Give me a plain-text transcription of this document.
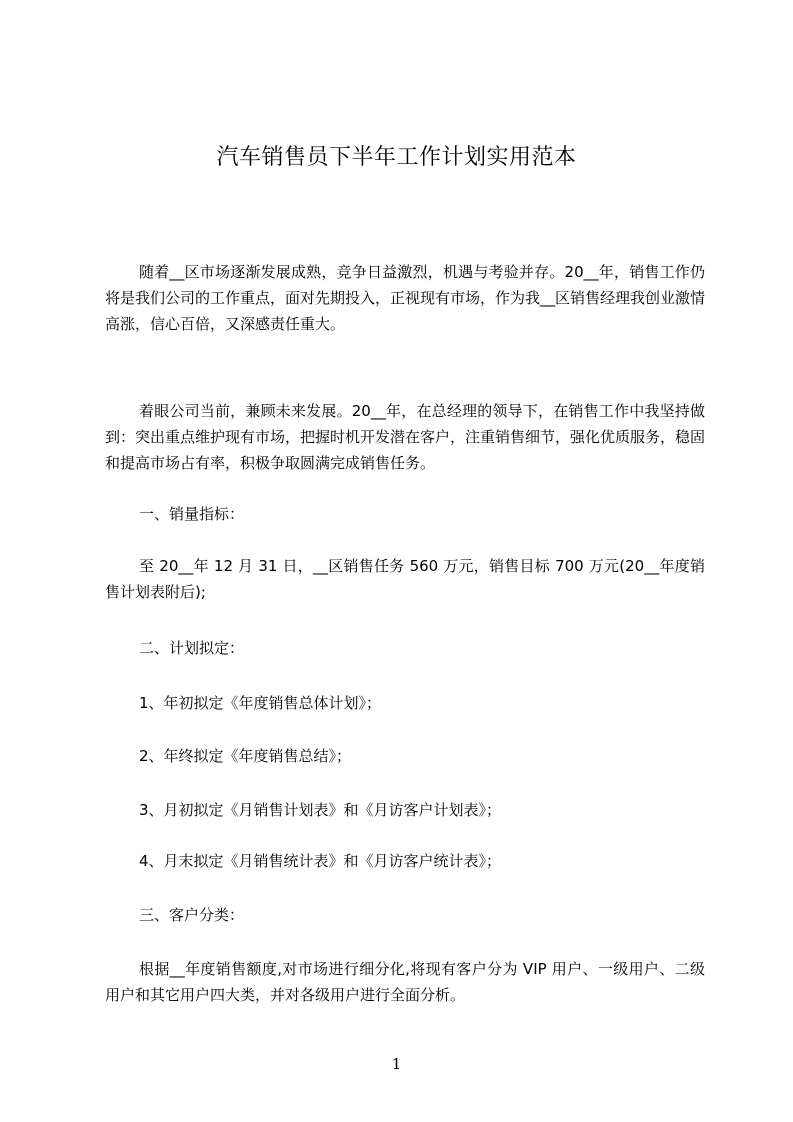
汽车销售员下半年工作计划实用范本
随着__区市场逐渐发展成熟，竞争日益激烈，机遇与考验并存。20__年，销售工作仍将是我们公司的工作重点，面对先期投入，正视现有市场，作为我__区销售经理我创业激情高涨，信心百倍，又深感责任重大。
着眼公司当前，兼顾未来发展。20__年，在总经理的领导下，在销售工作中我坚持做到：突出重点维护现有市场，把握时机开发潜在客户，注重销售细节，强化优质服务，稳固和提高市场占有率，积极争取圆满完成销售任务。
一、销量指标：
至 20__年 12 月 31 日，__区销售任务 560 万元，销售目标 700 万元(20__年度销售计划表附后);
二、计划拟定：
1、年初拟定《年度销售总体计划》；
2、年终拟定《年度销售总结》；
3、月初拟定《月销售计划表》和《月访客户计划表》；
4、月末拟定《月销售统计表》和《月访客户统计表》；
三、客户分类：
根据__年度销售额度,对市场进行细分化,将现有客户分为 VIP 用户、一级用户、二级用户和其它用户四大类，并对各级用户进行全面分析。
1
